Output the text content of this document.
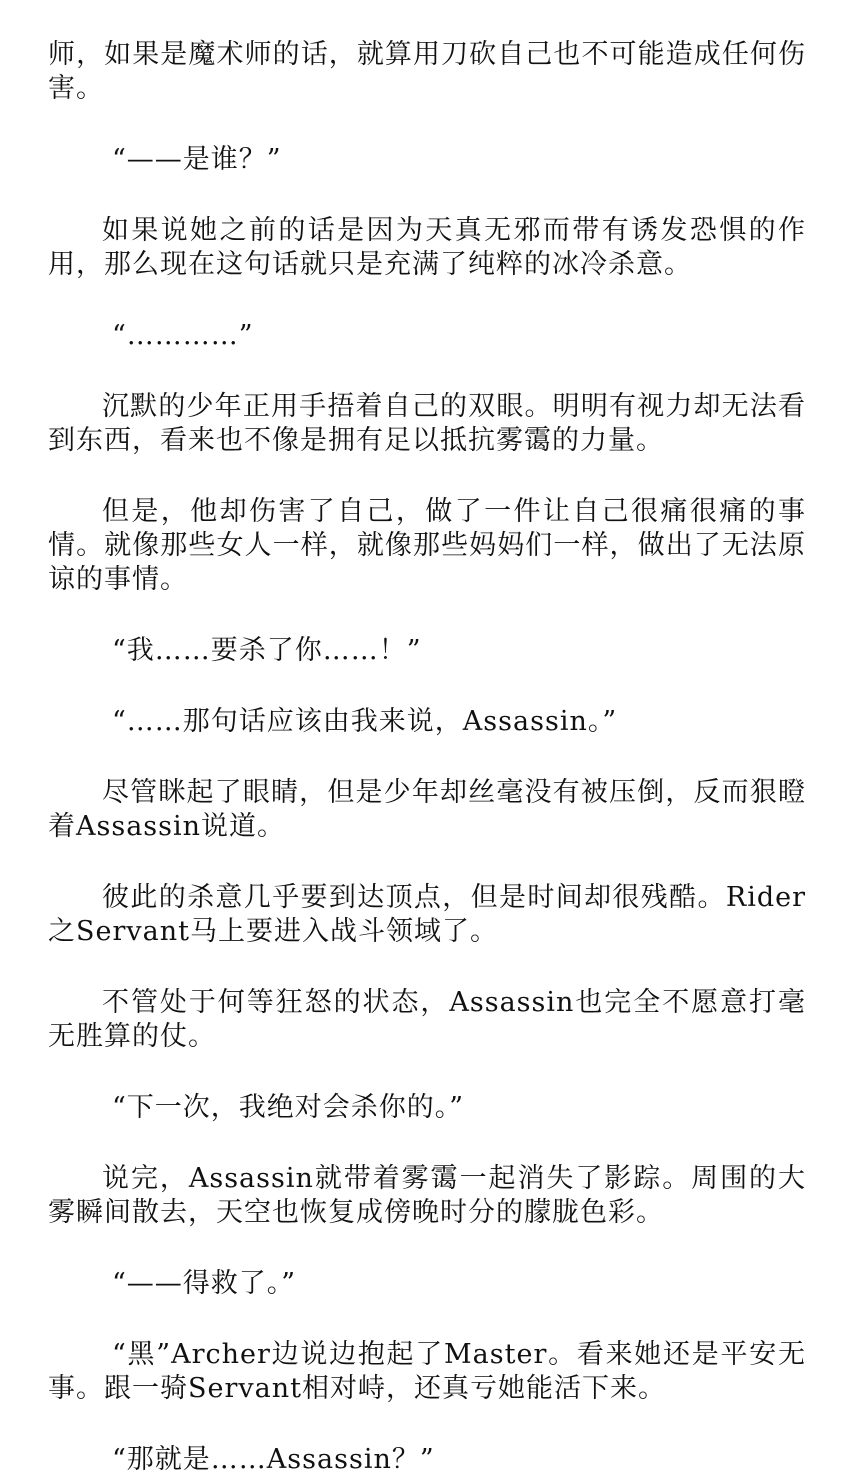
师，如果是魔术师的话，就算用刀砍自己也不可能造成任何伤害。

“——是谁？”

如果说她之前的话是因为天真无邪而带有诱发恐惧的作用，那么现在这句话就只是充满了纯粹的冰冷杀意。

“…………”

沉默的少年正用手捂着自己的双眼。明明有视力却无法看到东西，看来也不像是拥有足以抵抗雾霭的力量。

但是，他却伤害了自己，做了一件让自己很痛很痛的事情。就像那些女人一样，就像那些妈妈们一样，做出了无法原谅的事情。

“我……要杀了你……！”

“……那句话应该由我来说，Assassin。”

尽管眯起了眼睛，但是少年却丝毫没有被压倒，反而狠瞪着Assassin说道。

彼此的杀意几乎要到达顶点，但是时间却很残酷。Rider之Servant马上要进入战斗领域了。

不管处于何等狂怒的状态，Assassin也完全不愿意打毫无胜算的仗。

“下一次，我绝对会杀你的。”

说完，Assassin就带着雾霭一起消失了影踪。周围的大雾瞬间散去，天空也恢复成傍晚时分的朦胧色彩。

“——得救了。”

“黑”Archer边说边抱起了Master。看来她还是平安无事。跟一骑Servant相对峙，还真亏她能活下来。

“那就是……Assassin？”
